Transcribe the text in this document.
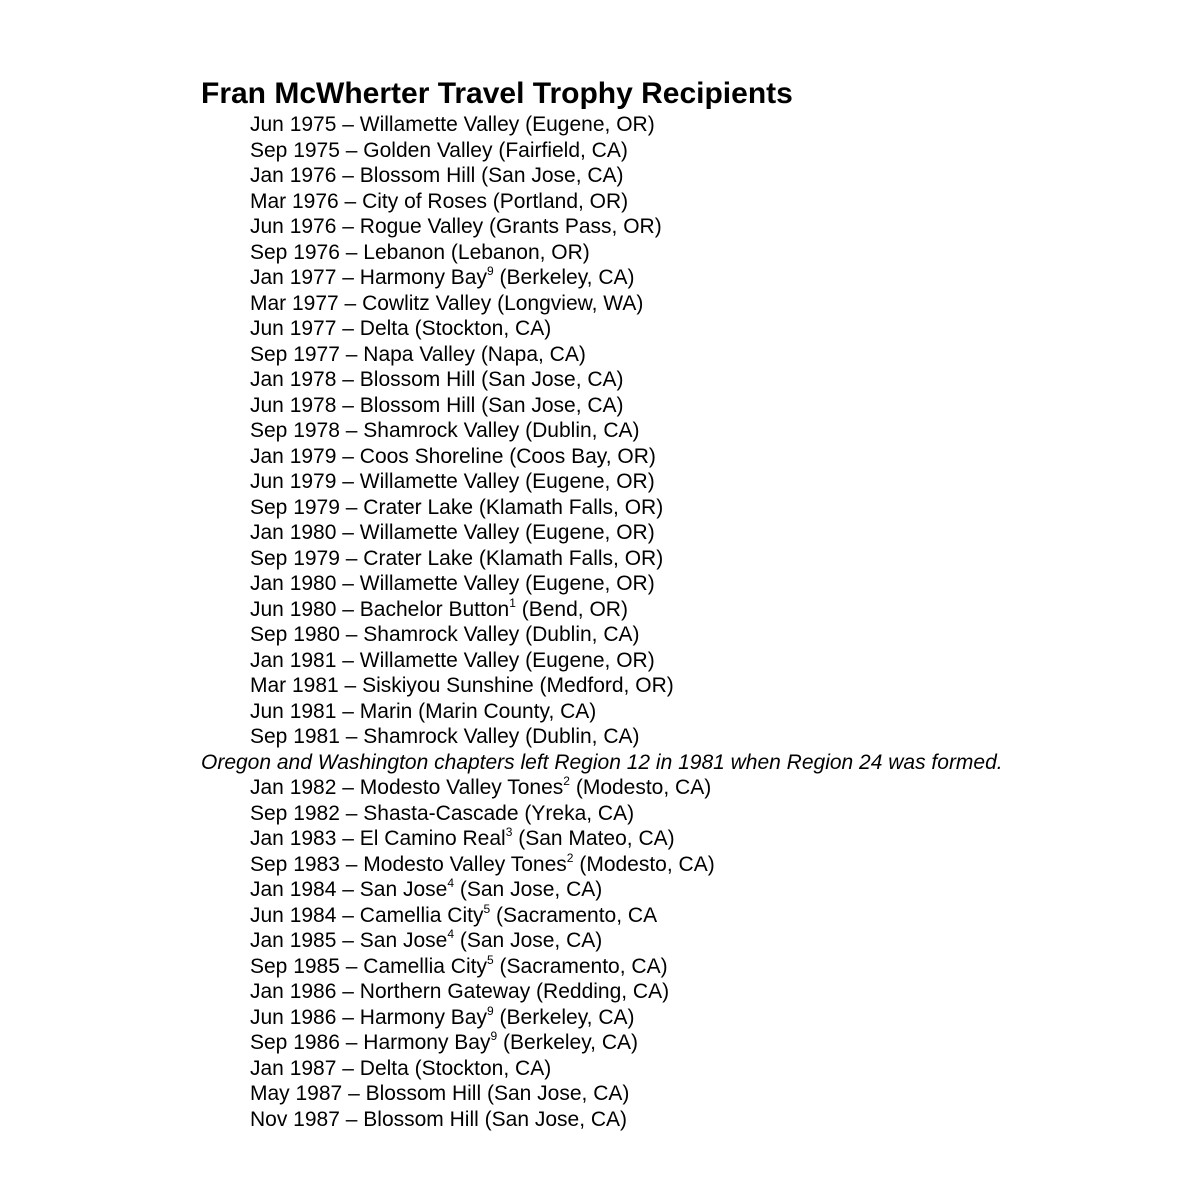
Fran McWherter Travel Trophy Recipients
Jun 1975 – Willamette Valley (Eugene, OR)
Sep 1975 – Golden Valley (Fairfield, CA)
Jan 1976 – Blossom Hill (San Jose, CA)
Mar 1976 – City of Roses (Portland, OR)
Jun 1976 – Rogue Valley (Grants Pass, OR)
Sep 1976 – Lebanon (Lebanon, OR)
Jan 1977 – Harmony Bay$^9$ (Berkeley, CA)
Mar 1977 – Cowlitz Valley (Longview, WA)
Jun 1977 – Delta (Stockton, CA)
Sep 1977 – Napa Valley (Napa, CA)
Jan 1978 – Blossom Hill (San Jose, CA)
Jun 1978 – Blossom Hill (San Jose, CA)
Sep 1978 – Shamrock Valley (Dublin, CA)
Jan 1979 – Coos Shoreline (Coos Bay, OR)
Jun 1979 – Willamette Valley (Eugene, OR)
Sep 1979 – Crater Lake (Klamath Falls, OR)
Jan 1980 – Willamette Valley (Eugene, OR)
Sep 1979 – Crater Lake (Klamath Falls, OR)
Jan 1980 – Willamette Valley (Eugene, OR)
Jun 1980 – Bachelor Button$^1$ (Bend, OR)
Sep 1980 – Shamrock Valley (Dublin, CA)
Jan 1981 – Willamette Valley (Eugene, OR)
Mar 1981 – Siskiyou Sunshine (Medford, OR)
Jun 1981 – Marin (Marin County, CA)
Sep 1981 – Shamrock Valley (Dublin, CA)
Oregon and Washington chapters left Region 12 in 1981 when Region 24 was formed.
Jan 1982 – Modesto Valley Tones$^2$ (Modesto, CA)
Sep 1982 – Shasta-Cascade (Yreka, CA)
Jan 1983 – El Camino Real$^3$ (San Mateo, CA)
Sep 1983 – Modesto Valley Tones$^2$ (Modesto, CA)
Jan 1984 – San Jose$^4$ (San Jose, CA)
Jun 1984 – Camellia City$^5$ (Sacramento, CA
Jan 1985 – San Jose$^4$ (San Jose, CA)
Sep 1985 – Camellia City$^5$ (Sacramento, CA)
Jan 1986 – Northern Gateway (Redding, CA)
Jun 1986 – Harmony Bay$^9$ (Berkeley, CA)
Sep 1986 – Harmony Bay$^9$ (Berkeley, CA)
Jan 1987 – Delta (Stockton, CA)
May 1987 – Blossom Hill (San Jose, CA)
Nov 1987 – Blossom Hill (San Jose, CA)
